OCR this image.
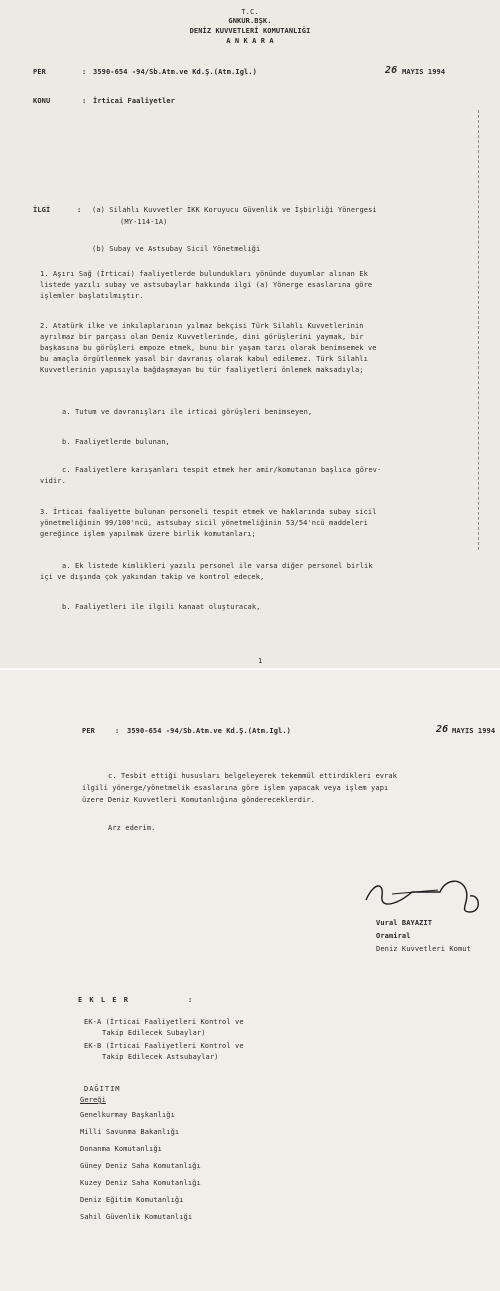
T.C.
GNKUR.BŞK.
DENİZ KUVVETLERİ KOMUTANLIĞI
A N K A R A
PER	: 3590-654 -94/Sb.Atm.ve Kd.Ş.(Atm.Igl.)	26 MAYIS 1994
KONU	: İrticai Faaliyetler
İLGİ	: (a) Silahlı Kuvvetler İKK Koruyucu Güvenlik ve İşbirliği Yönergesi
(MY-114-1A)
(b) Subay ve Astsubay Sicil Yönetmeliği
1. Aşırı Sağ (İrticai) faaliyetlerde bulundukları yönünde duyumlar alınan Ek
listede yazılı subay ve astsubaylar hakkında ilgi (a) Yönerge esaslarına göre
işlemler başlatılmıştır.
2. Atatürk ilke ve inkılaplarının yılmaz bekçisi Türk Silahlı Kuvvetlerinin
ayrılmaz bir parçası olan Deniz Kuvvetlerinde, dini görüşlerini yaymak, bir
başkasına bu görüşleri empoze etmek, bunu bir yaşam tarzı olarak benimsemek ve
bu amaçla örgütlenmek yasal bir davranış olarak kabul edilemez. Türk Silahlı
Kuvvetlerinin yapısıyla bağdaşmayan bu tür faaliyetleri önlemek maksadıyla;
a. Tutum ve davranışları ile irticai görüşleri benimseyen,
b. Faaliyetlerde bulunan,
c. Faaliyetlere karışanları tespit etmek her amir/komutanın başlıca görev-
vidir.
3. İrticai faaliyette bulunan personeli tespit etmek ve haklarında subay sicil
yönetmeliğinin 99/100'ncü, astsubay sicil yönetmeliğinin 53/54'ncü maddeleri
gereğince işlem yapılmak üzere birlik komutanları;
a. Ek listede kimlikleri yazılı personel ile varsa diğer personel birlik
içi ve dışında çok yakından takip ve kontrol edecek,
b. Faaliyetleri ile ilgili kanaat oluşturacak,
1
PER	: 3590-654 -94/Sb.Atm.ve Kd.Ş.(Atm.Igl.)	26 MAYIS 1994
c. Tesbit ettiği hususları belgeleyerek tekemmül ettirdikleri evrak
ilgili yönerge/yönetmelik esaslarına göre işlem yapacak veya işlem yapı
üzere Deniz Kuvvetleri Komutanlığına göndereceklerdir.
Arz ederim.
Vural BAYAZIT
Oramiral
Deniz Kuvvetleri Komut
E K L E R	:
EK-A (İrticai Faaliyetleri Kontrol ve
Takip Edilecek Subaylar)
EK-B (İrticai Faaliyetleri Kontrol ve
Takip Edilecek Astsubaylar)
DAĞITIM
Gereği
Genelkurmay Başkanlığı
Milli Savunma Bakanlığı
Donanma Komutanlığı
Güney Deniz Saha Komutanlığı
Kuzey Deniz Saha Komutanlığı
Deniz Eğitim Komutanlığı
Sahil Güvenlik Komutanlığı
